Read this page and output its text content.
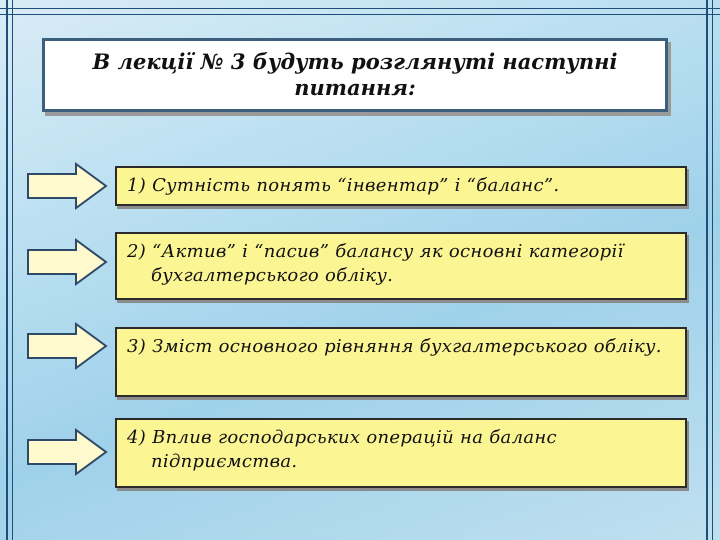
В лекції № 3 будуть розглянуті наступні
питання:
1) Сутність понять “інвентар” і “баланс”.
2) “Актив” і “пасив” балансу як основні категорії бухгалтерського обліку.
3) Зміст основного рівняння бухгалтерського обліку.
4) Вплив господарських операцій на баланс підприємства.
